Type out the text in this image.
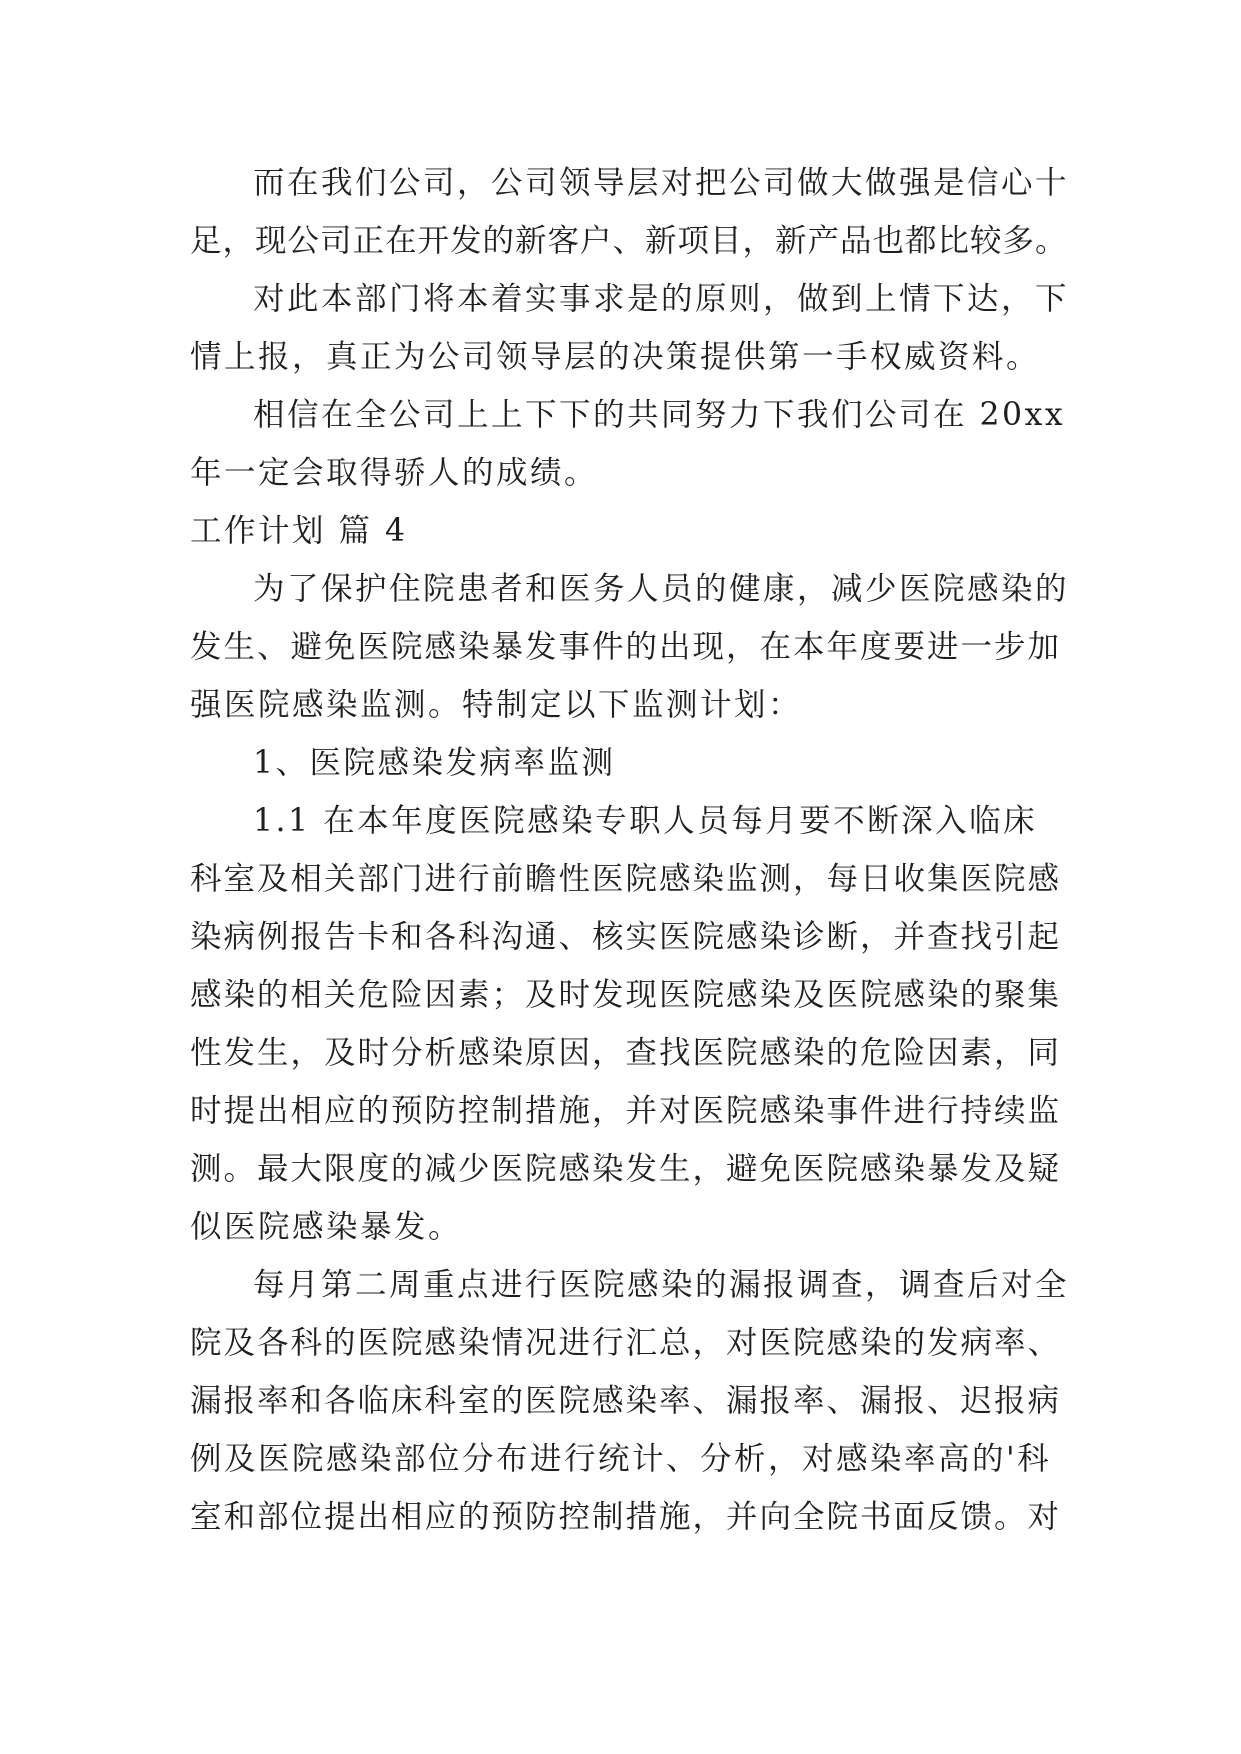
而在我们公司，公司领导层对把公司做大做强是信心十
足，现公司正在开发的新客户、新项目，新产品也都比较多。
对此本部门将本着实事求是的原则，做到上情下达，下
情上报，真正为公司领导层的决策提供第一手权威资料。
相信在全公司上上下下的共同努力下我们公司在 20xx
年一定会取得骄人的成绩。
工作计划 篇 4
为了保护住院患者和医务人员的健康，减少医院感染的
发生、避免医院感染暴发事件的出现，在本年度要进一步加
强医院感染监测。特制定以下监测计划：
1、医院感染发病率监测
1.1 在本年度医院感染专职人员每月要不断深入临床
科室及相关部门进行前瞻性医院感染监测，每日收集医院感
染病例报告卡和各科沟通、核实医院感染诊断，并查找引起
感染的相关危险因素；及时发现医院感染及医院感染的聚集
性发生，及时分析感染原因，查找医院感染的危险因素，同
时提出相应的预防控制措施，并对医院感染事件进行持续监
测。最大限度的减少医院感染发生，避免医院感染暴发及疑
似医院感染暴发。
每月第二周重点进行医院感染的漏报调查，调查后对全
院及各科的医院感染情况进行汇总，对医院感染的发病率、
漏报率和各临床科室的医院感染率、漏报率、漏报、迟报病
例及医院感染部位分布进行统计、分析，对感染率高的'科
室和部位提出相应的预防控制措施，并向全院书面反馈。对
